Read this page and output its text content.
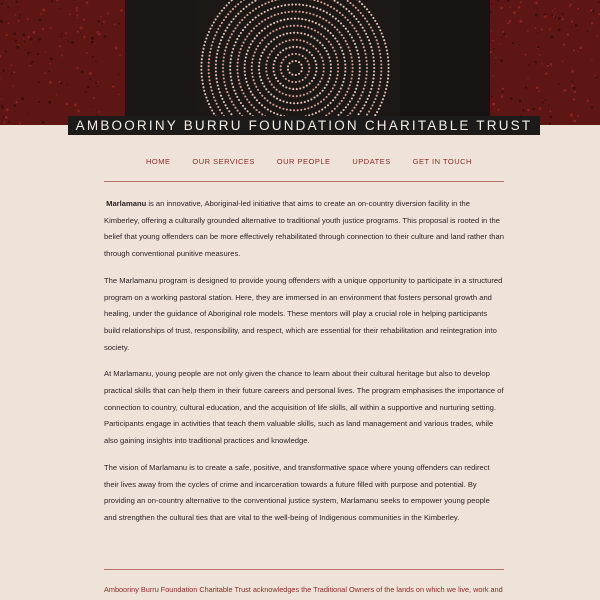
AMBOORINY BURRU FOUNDATION CHARITABLE TRUST
HOME	OUR SERVICES	OUR PEOPLE	UPDATES	GET IN TOUCH

Marlamanu is an innovative, Aboriginal-led initiative that aims to create an on-country diversion facility in the Kimberley, offering a culturally grounded alternative to traditional youth justice programs. This proposal is rooted in the belief that young offenders can be more effectively rehabilitated through connection to their culture and land rather than through conventional punitive measures.

The Marlamanu program is designed to provide young offenders with a unique opportunity to participate in a structured program on a working pastoral station. Here, they are immersed in an environment that fosters personal growth and healing, under the guidance of Aboriginal role models. These mentors will play a crucial role in helping participants build relationships of trust, responsibility, and respect, which are essential for their rehabilitation and reintegration into society.

At Marlamanu, young people are not only given the chance to learn about their cultural heritage but also to develop practical skills that can help them in their future careers and personal lives. The program emphasises the importance of connection to country, cultural education, and the acquisition of life skills, all within a supportive and nurturing setting. Participants engage in activities that teach them valuable skills, such as land management and various trades, while also gaining insights into traditional practices and knowledge.

The vision of Marlamanu is to create a safe, positive, and transformative space where young offenders can redirect their lives away from the cycles of crime and incarceration towards a future filled with purpose and potential. By providing an on-country alternative to the conventional justice system, Marlamanu seeks to empower young people and strengthen the cultural ties that are vital to the well-being of Indigenous communities in the Kimberley.

Ambooriny Burru Foundation Charitable Trust acknowledges the Traditional Owners of the lands on which we live, work and
